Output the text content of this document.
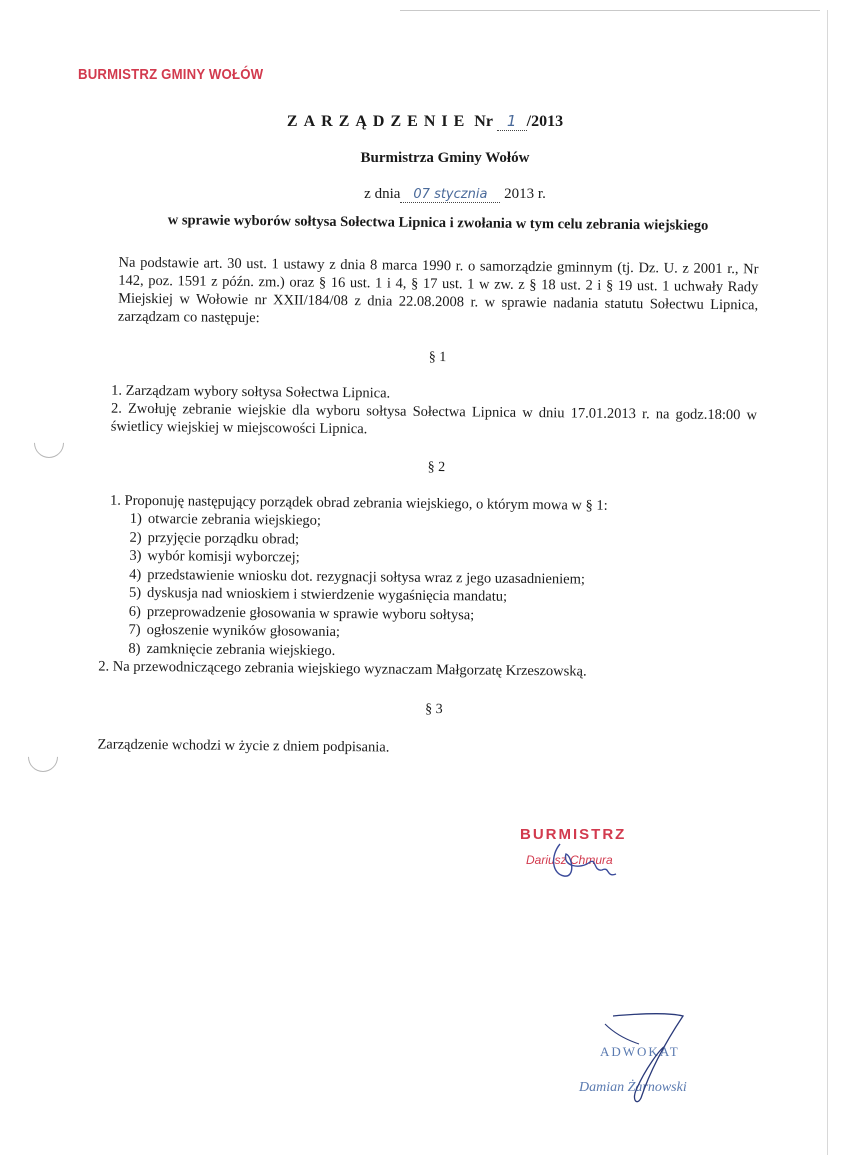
BURMISTRZ GMINY WOŁÓW
ZARZĄDZENIE Nr 1 /2013
Burmistrza Gminy Wołów
z dnia 07 stycznia 2013 r.
w sprawie wyborów sołtysa Sołectwa Lipnica i zwołania w tym celu zebrania wiejskiego
Na podstawie art. 30 ust. 1 ustawy z dnia 8 marca 1990 r. o samorządzie gminnym (tj. Dz. U. z 2001 r., Nr 142, poz. 1591 z późn. zm.) oraz § 16 ust. 1 i 4, § 17 ust. 1 w zw. z § 18 ust. 2 i § 19 ust. 1 uchwały Rady Miejskiej w Wołowie nr XXII/184/08 z dnia 22.08.2008 r. w sprawie nadania statutu Sołectwu Lipnica, zarządzam co następuje:
§ 1
1. Zarządzam wybory sołtysa Sołectwa Lipnica.
2. Zwołuję zebranie wiejskie dla wyboru sołtysa Sołectwa Lipnica w dniu 17.01.2013 r. na godz.18:00 w świetlicy wiejskiej w miejscowości Lipnica.
§ 2
1. Proponuję następujący porządek obrad zebrania wiejskiego, o którym mowa w § 1:
1) otwarcie zebrania wiejskiego;
2) przyjęcie porządku obrad;
3) wybór komisji wyborczej;
4) przedstawienie wniosku dot. rezygnacji sołtysa wraz z jego uzasadnieniem;
5) dyskusja nad wnioskiem i stwierdzenie wygaśnięcia mandatu;
6) przeprowadzenie głosowania w sprawie wyboru sołtysa;
7) ogłoszenie wyników głosowania;
8) zamknięcie zebrania wiejskiego.
2. Na przewodniczącego zebrania wiejskiego wyznaczam Małgorzatę Krzeszowską.
§ 3
Zarządzenie wchodzi w życie z dniem podpisania.
BURMISTRZ
Dariusz Chmura
ADWOKAT
Damian Żarnowski
